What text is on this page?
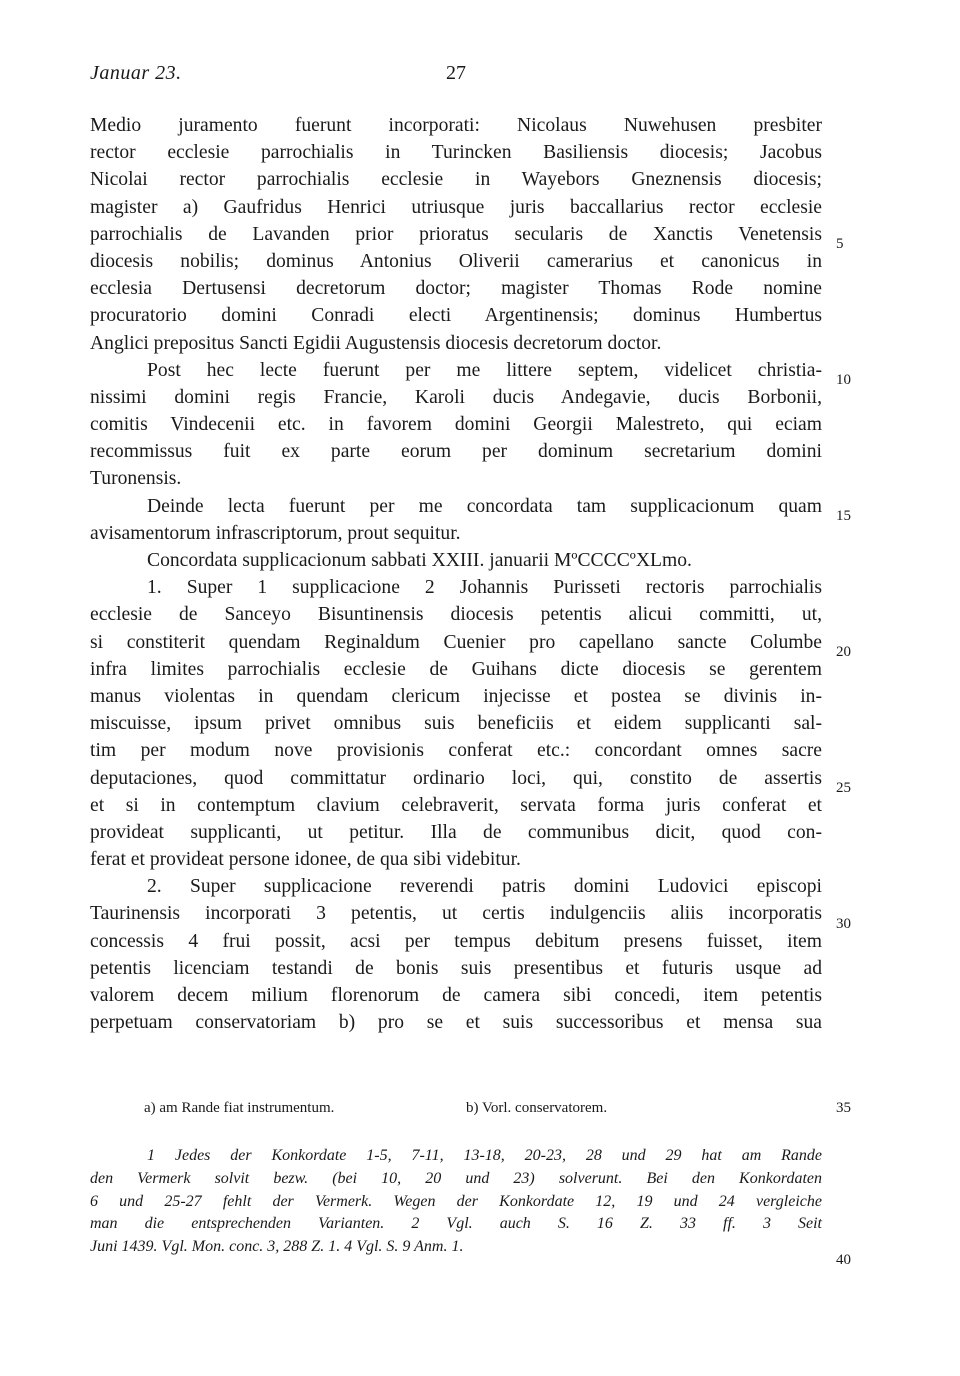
Januar 23.	27
Medio juramento fuerunt incorporati: Nicolaus Nuwehusen presbiter
rector ecclesie parrochialis in Turincken Basiliensis diocesis; Jacobus
Nicolai rector parrochialis ecclesie in Wayebors Gneznensis diocesis;
magister a) Gaufridus Henrici utriusque juris baccallarius rector ecclesie
parrochialis de Lavanden prior prioratus secularis de Xanctis Venetensis
diocesis nobilis; dominus Antonius Oliverii camerarius et canonicus in
ecclesia Dertusensi decretorum doctor; magister Thomas Rode nomine
procuratorio domini Conradi electi Argentinensis; dominus Humbertus
Anglici prepositus Sancti Egidii Augustensis diocesis decretorum doctor.
Post hec lecte fuerunt per me littere septem, videlicet christia-
nissimi domini regis Francie, Karoli ducis Andegavie, ducis Borbonii,
comitis Vindecenii etc. in favorem domini Georgii Malestreto, qui eciam
recommissus fuit ex parte eorum per dominum secretarium domini
Turonensis.
Deinde lecta fuerunt per me concordata tam supplicacionum quam
avisamentorum infrascriptorum, prout sequitur.
Concordata supplicacionum sabbati XXIII. januarii MºCCCCºXLmo.
1. Super 1 supplicacione 2 Johannis Purisseti rectoris parrochialis
ecclesie de Sanceyo Bisuntinensis diocesis petentis alicui committi, ut,
si constiterit quendam Reginaldum Cuenier pro capellano sancte Columbe
infra limites parrochialis ecclesie de Guihans dicte diocesis se gerentem
manus violentas in quendam clericum injecisse et postea se divinis in-
miscuisse, ipsum privet omnibus suis beneficiis et eidem supplicanti sal-
tim per modum nove provisionis conferat etc.: concordant omnes sacre
deputaciones, quod committatur ordinario loci, qui, constito de assertis
et si in contemptum clavium celebraverit, servata forma juris conferat et
provideat supplicanti, ut petitur. Illa de communibus dicit, quod con-
ferat et provideat persone idonee, de qua sibi videbitur.
2. Super supplicacione reverendi patris domini Ludovici episcopi
Taurinensis incorporati 3 petentis, ut certis indulgenciis aliis incorporatis
concessis 4 frui possit, acsi per tempus debitum presens fuisset, item
petentis licenciam testandi de bonis suis presentibus et futuris usque ad
valorem decem milium florenorum de camera sibi concedi, item petentis
perpetuam conservatoriam b) pro se et suis successoribus et mensa sua
5
10
15
20
25
30
35
40
a) am Rande fiat instrumentum.	b) Vorl. conservatorem.
1 Jedes der Konkordate 1-5, 7-11, 13-18, 20-23, 28 und 29 hat am Rande
den Vermerk solvit bezw. (bei 10, 20 und 23) solverunt. Bei den Konkordaten
6 und 25-27 fehlt der Vermerk. Wegen der Konkordate 12, 19 und 24 vergleiche
man die entsprechenden Varianten. 2 Vgl. auch S. 16 Z. 33 ff. 3 Seit
Juni 1439. Vgl. Mon. conc. 3, 288 Z. 1. 4 Vgl. S. 9 Anm. 1.
